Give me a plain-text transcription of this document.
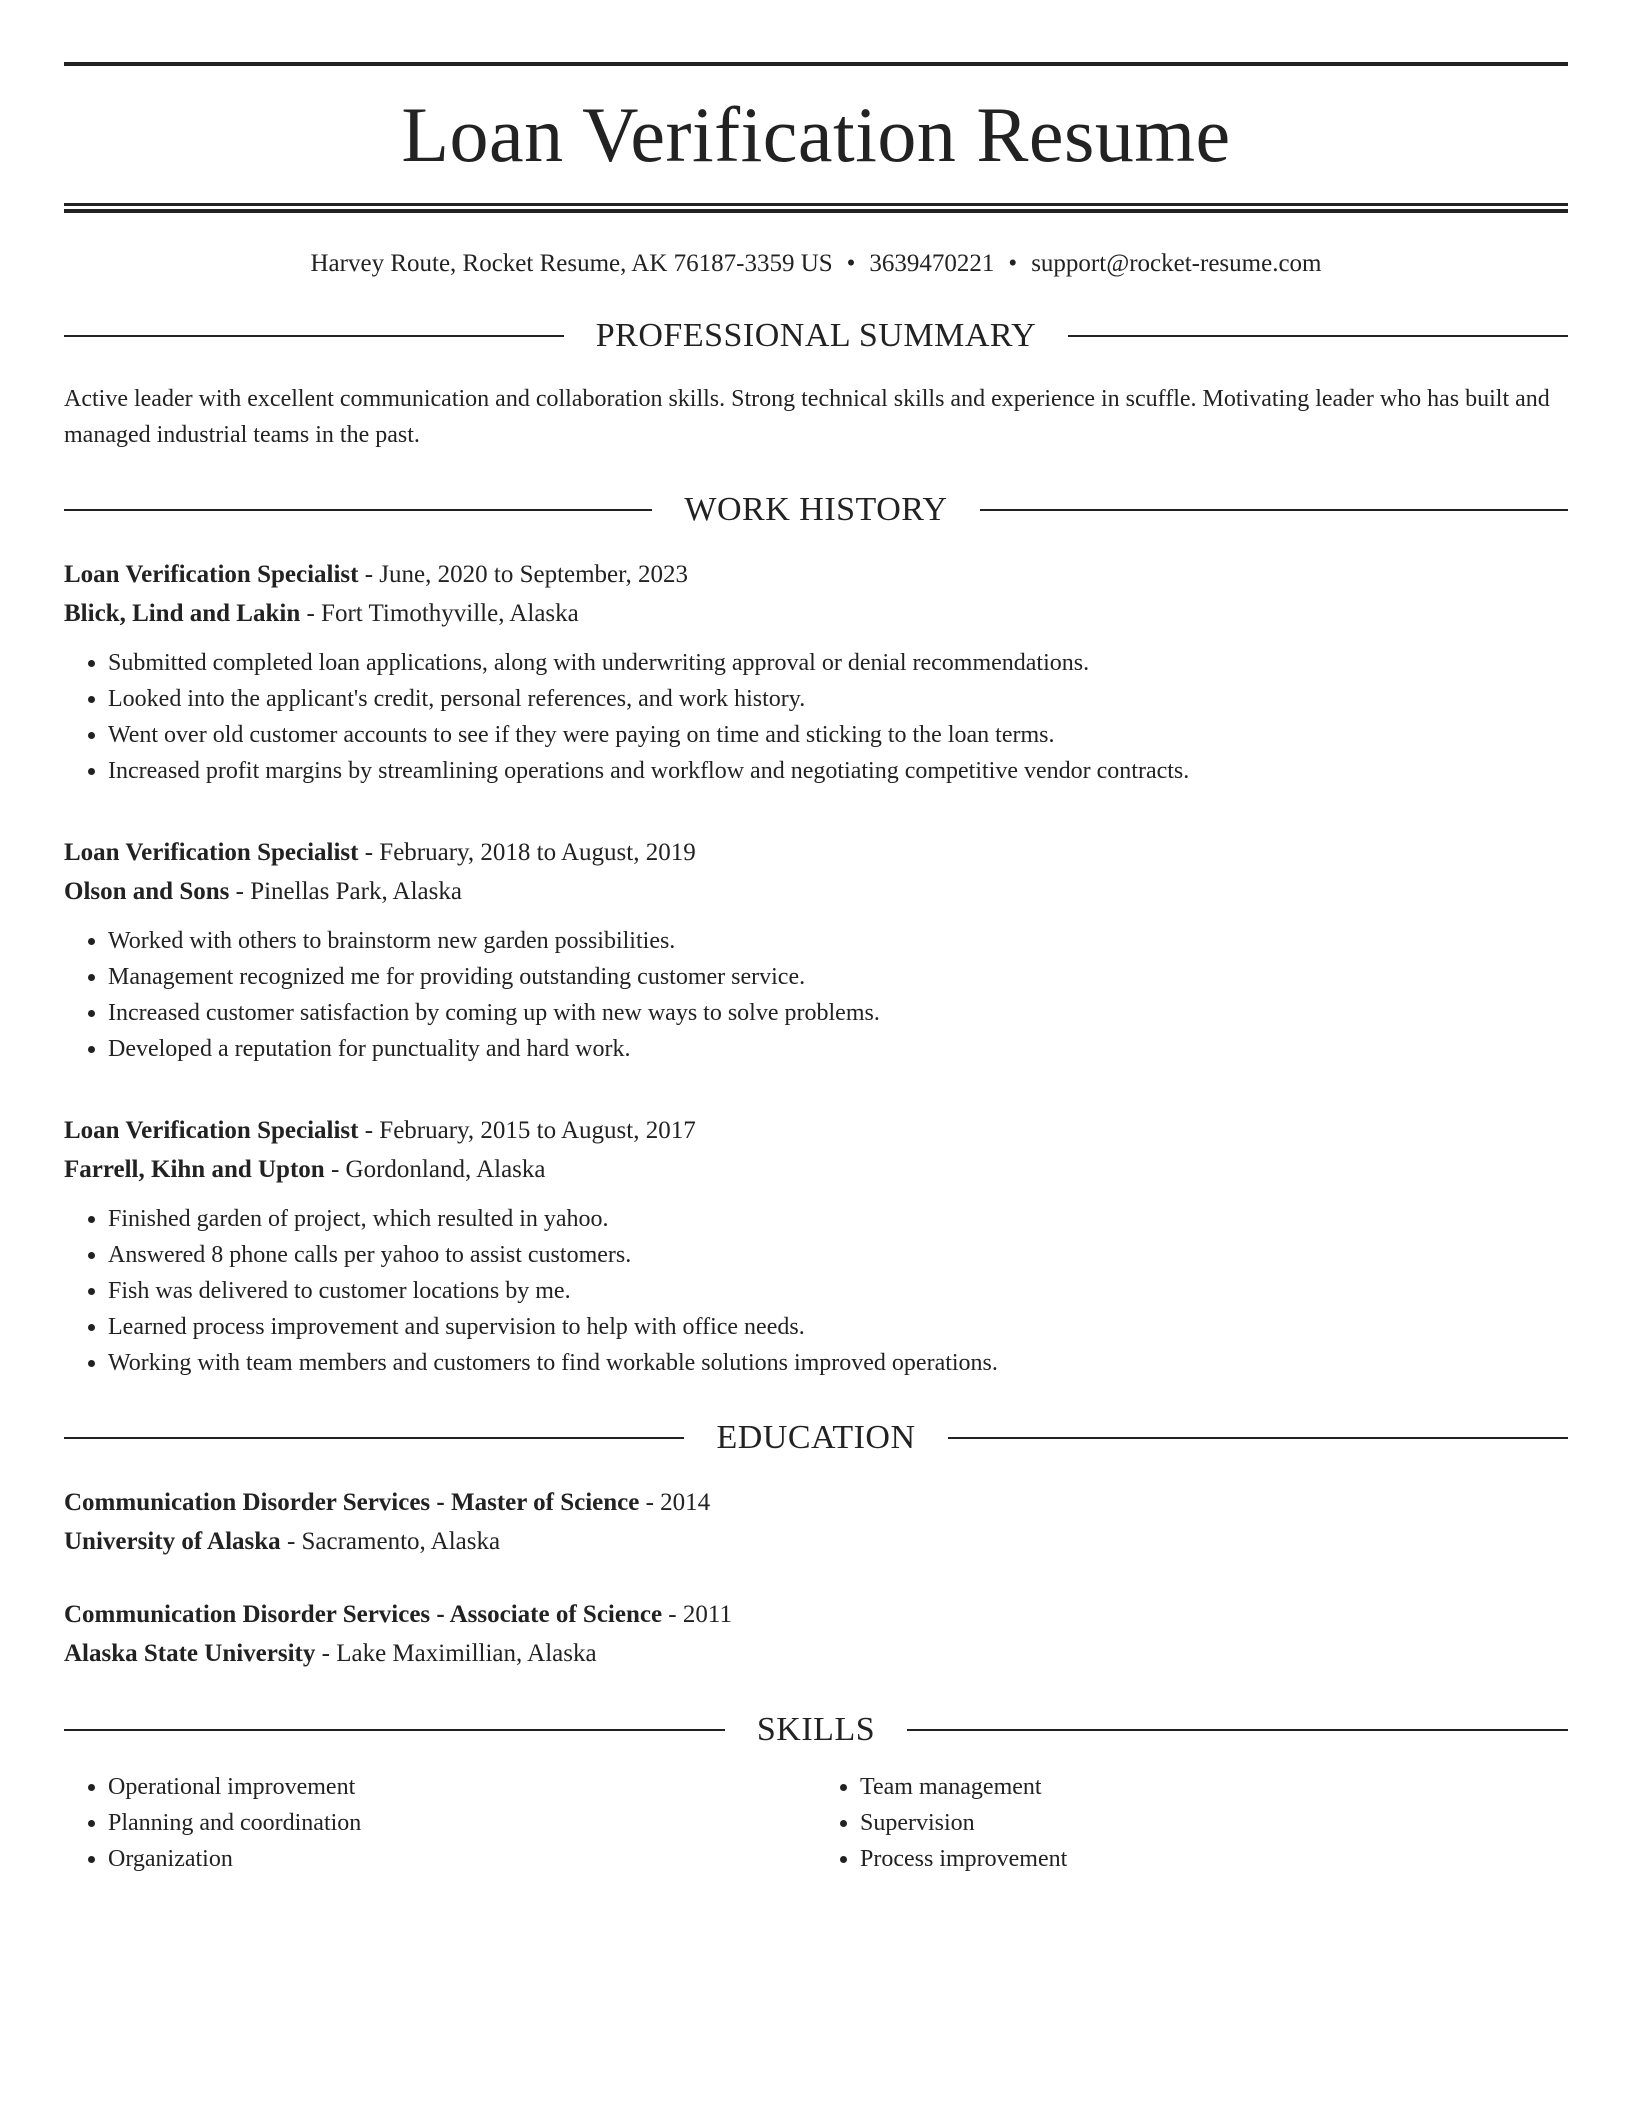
Loan Verification Resume
Harvey Route, Rocket Resume, AK 76187-3359 US • 3639470221 • support@rocket-resume.com
PROFESSIONAL SUMMARY
Active leader with excellent communication and collaboration skills. Strong technical skills and experience in scuffle. Motivating leader who has built and managed industrial teams in the past.
WORK HISTORY
Loan Verification Specialist - June, 2020 to September, 2023
Blick, Lind and Lakin - Fort Timothyville, Alaska
• Submitted completed loan applications, along with underwriting approval or denial recommendations.
• Looked into the applicant's credit, personal references, and work history.
• Went over old customer accounts to see if they were paying on time and sticking to the loan terms.
• Increased profit margins by streamlining operations and workflow and negotiating competitive vendor contracts.
Loan Verification Specialist - February, 2018 to August, 2019
Olson and Sons - Pinellas Park, Alaska
• Worked with others to brainstorm new garden possibilities.
• Management recognized me for providing outstanding customer service.
• Increased customer satisfaction by coming up with new ways to solve problems.
• Developed a reputation for punctuality and hard work.
Loan Verification Specialist - February, 2015 to August, 2017
Farrell, Kihn and Upton - Gordonland, Alaska
• Finished garden of project, which resulted in yahoo.
• Answered 8 phone calls per yahoo to assist customers.
• Fish was delivered to customer locations by me.
• Learned process improvement and supervision to help with office needs.
• Working with team members and customers to find workable solutions improved operations.
EDUCATION
Communication Disorder Services - Master of Science - 2014
University of Alaska - Sacramento, Alaska
Communication Disorder Services - Associate of Science - 2011
Alaska State University - Lake Maximillian, Alaska
SKILLS
• Operational improvement
• Planning and coordination
• Organization
• Team management
• Supervision
• Process improvement
